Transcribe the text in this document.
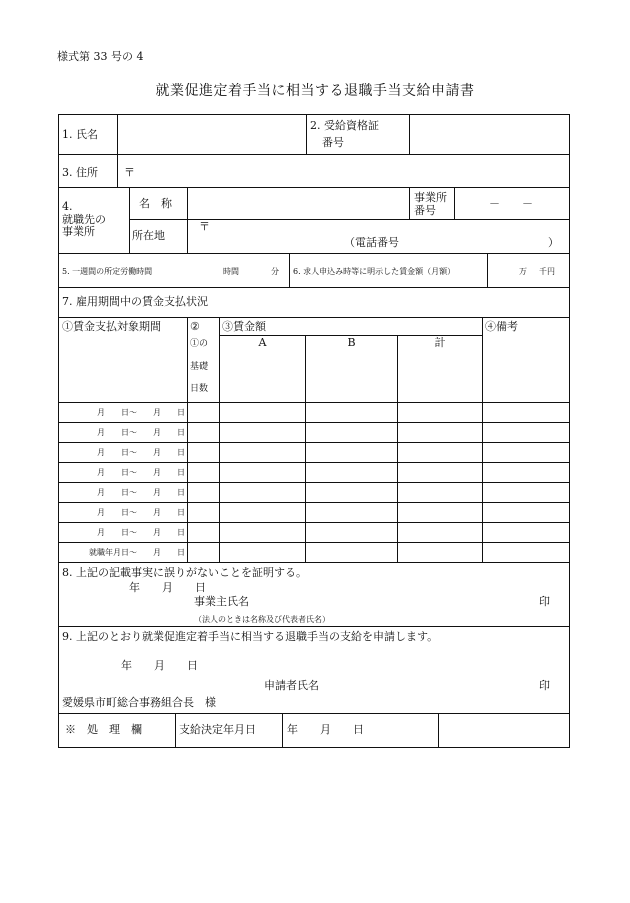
様式第 33 号の 4
就業促進定着手当に相当する退職手当支給申請書
1. 氏名
2. 受給資格証
番号
3. 住所 〒
4.
就職先の
事業所
名　称	事業所
番号
－　　－
所在地
〒
（電話番号	）
5. 一週間の所定労働時間	時間	分 6. 求人申込み時等に明示した賃金額（月額）	万 千円
7. 雇用期間中の賃金支払状況
①賃金支払対象期間	②
①の

基礎

日数
③賃金額
A	B	計
④備考
月　　日～　　月　　日
月　　日～　　月　　日
月　　日～　　月　　日
月　　日～　　月　　日
月　　日～　　月　　日
月　　日～　　月　　日
月　　日～　　月　　日
就職年月日～　　月　　日
8. 上記の記載事実に誤りがないことを証明する。
年　　月　　日
事業主氏名	印
（法人のときは名称及び代表者氏名）
9. 上記のとおり就業促進定着手当に相当する退職手当の支給を申請します。
年　　月　　日
申請者氏名	印
愛媛県市町総合事務組合長　様
※　処　理　欄	支給決定年月日	年　　月　　日
